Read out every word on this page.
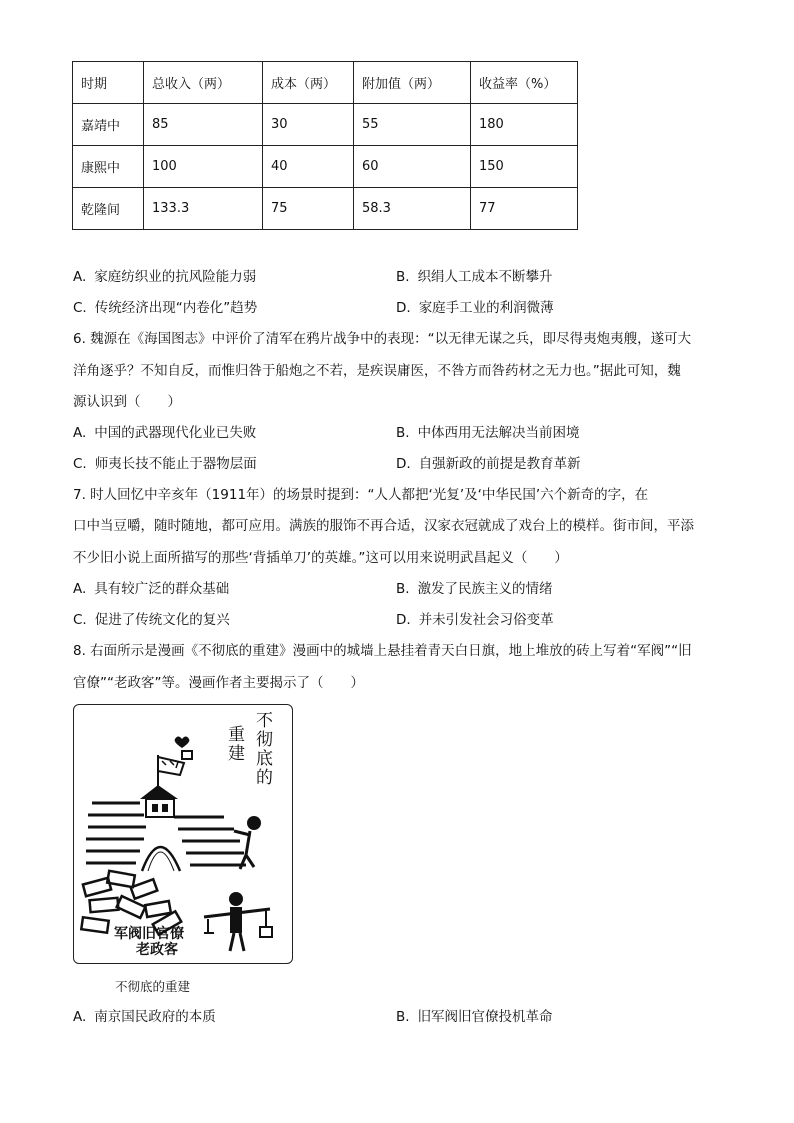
时期	总收入（两）	成本（两）	附加值（两）	收益率（%）
嘉靖中	85	30	55	180
康熙中	100	40	60	150
乾隆间	133.3	75	58.3	77
A. 家庭纺织业的抗风险能力弱	B. 织绢人工成本不断攀升
C. 传统经济出现“内卷化”趋势	D. 家庭手工业的利润微薄
6. 魏源在《海国图志》中评价了清军在鸦片战争中的表现：“以无律无谋之兵，即尽得夷炮夷艘，遂可大
洋角逐乎？不知自反，而惟归咎于船炮之不若，是疾误庸医，不咎方而咎药材之无力也。”据此可知，魏
源认识到（　　）
A. 中国的武器现代化业已失败	B. 中体西用无法解决当前困境
C. 师夷长技不能止于器物层面	D. 自强新政的前提是教育革新
7. 时人回忆中辛亥年（1911年）的场景时提到：“人人都把‘光复’及‘中华民国’六个新奇的字，在
口中当豆嚼，随时随地，都可应用。满族的服饰不再合适，汉家衣冠就成了戏台上的模样。街市间，平添
不少旧小说上面所描写的那些‘背插单刀’的英雄。”这可以用来说明武昌起义（　　）
A. 具有较广泛的群众基础	B. 激发了民族主义的情绪
C. 促进了传统文化的复兴	D. 并未引发社会习俗变革
8. 右面所示是漫画《不彻底的重建》漫画中的城墙上悬挂着青天白日旗，地上堆放的砖上写着“军阀”“旧
官僚”“老政客”等。漫画作者主要揭示了（　　）
不彻底的
重建
军阀旧官僚
老政客
不彻底的重建
A. 南京国民政府的本质	B. 旧军阀旧官僚投机革命
